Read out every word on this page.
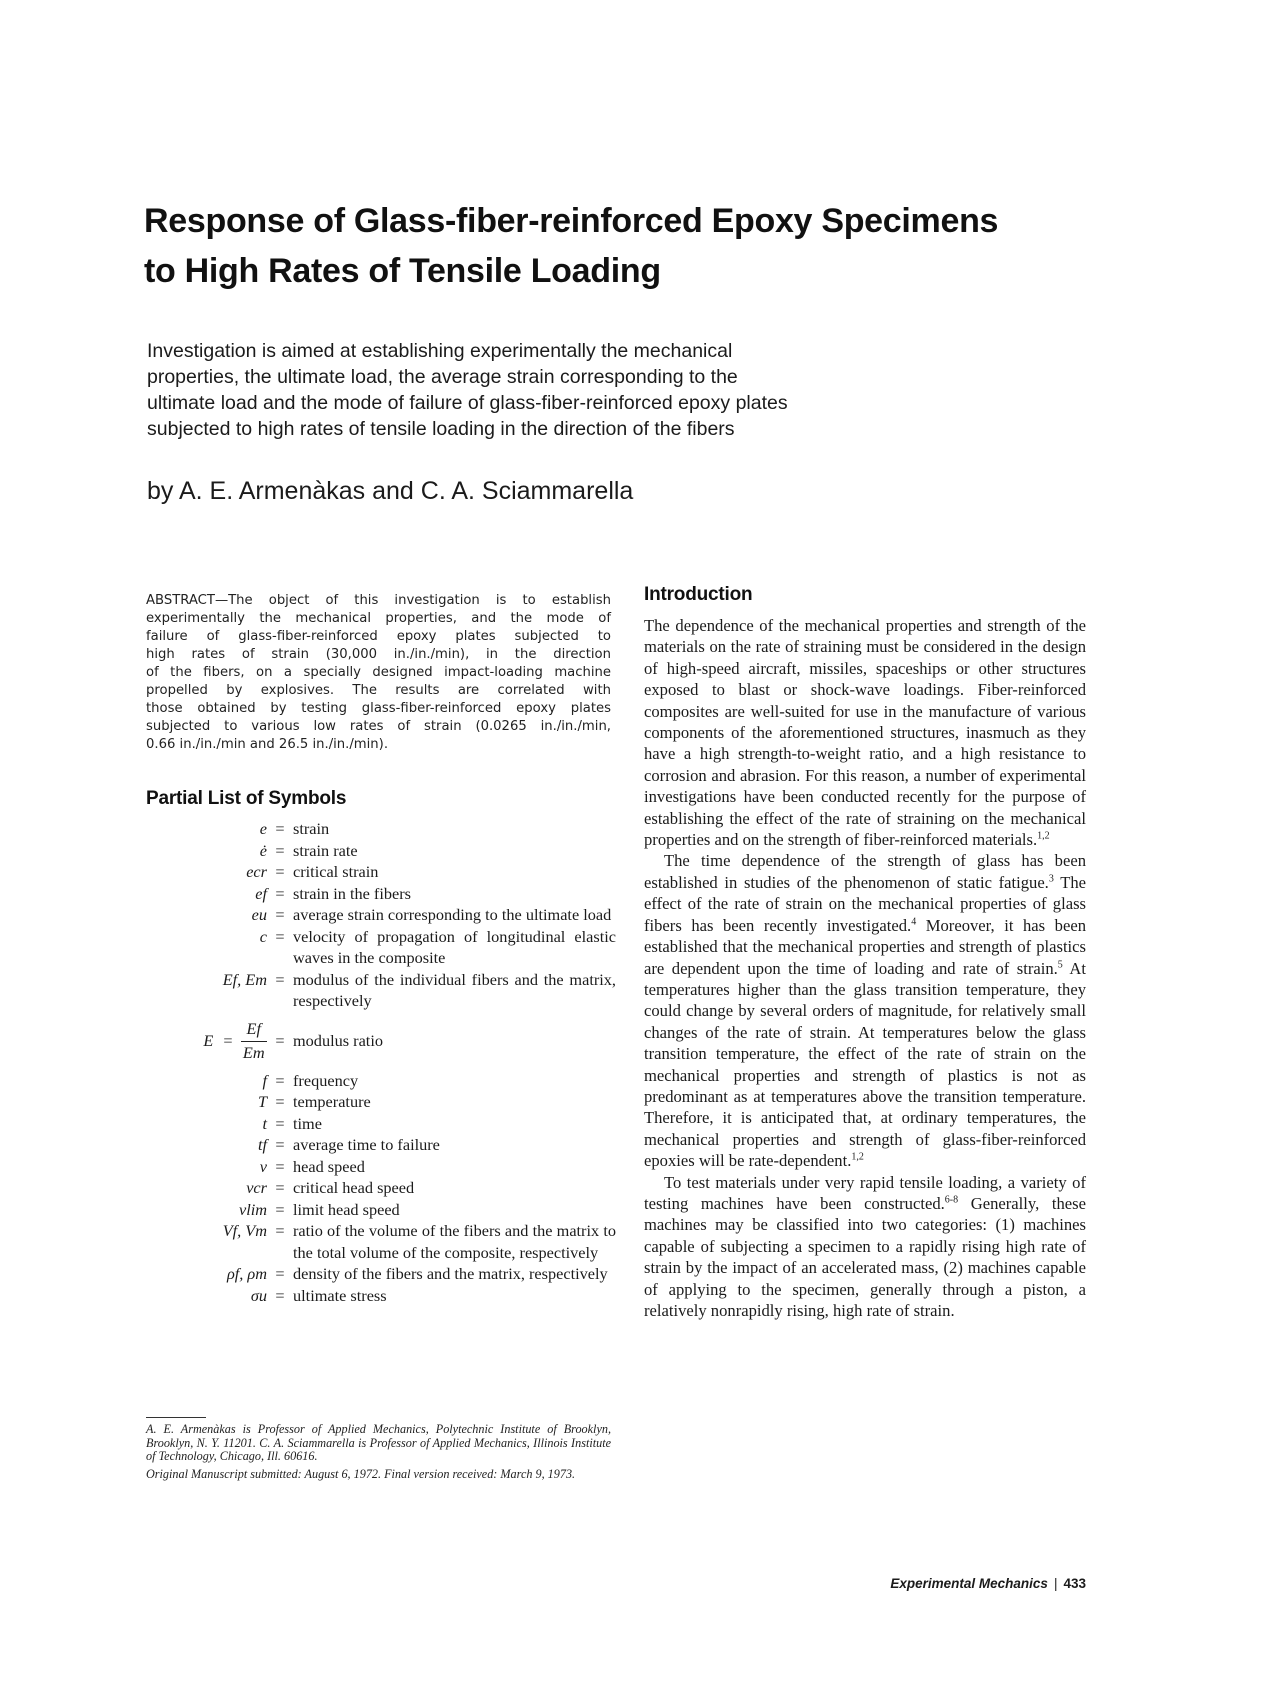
Response of Glass-fiber-reinforced Epoxy Specimens
to High Rates of Tensile Loading
Investigation is aimed at establishing experimentally the mechanical
properties, the ultimate load, the average strain corresponding to the
ultimate load and the mode of failure of glass-fiber-reinforced epoxy plates
subjected to high rates of tensile loading in the direction of the fibers
by A. E. Armenàkas and C. A. Sciammarella
ABSTRACT—The object of this investigation is to establish
experimentally the mechanical properties, and the mode of
failure of glass-fiber-reinforced epoxy plates subjected to
high rates of strain (30,000 in./in./min), in the direction
of the fibers, on a specially designed impact-loading machine
propelled by explosives. The results are correlated with
those obtained by testing glass-fiber-reinforced epoxy plates
subjected to various low rates of strain (0.0265 in./in./min,
0.66 in./in./min and 26.5 in./in./min).
Partial List of Symbols
e = strain
ė = strain rate
ecr = critical strain
ef = strain in the fibers
eu = average strain corresponding to the ultimate load
c = velocity of propagation of longitudinal elastic waves in the composite
Ef, Em = modulus of the individual fibers and the matrix, respectively
$E = \frac{Ef}{Em}$ = modulus ratio
f = frequency
T = temperature
t = time
tf = average time to failure
v = head speed
vcr = critical head speed
vlim = limit head speed
Vf, Vm = ratio of the volume of the fibers and the matrix to the total volume of the composite, respectively
ρf, ρm = density of the fibers and the matrix, respectively
σu = ultimate stress
A. E. Armenàkas is Professor of Applied Mechanics, Polytechnic Institute of Brooklyn, Brooklyn, N. Y. 11201. C. A. Sciammarella is Professor of Applied Mechanics, Illinois Institute of Technology, Chicago, Ill. 60616.
Original Manuscript submitted: August 6, 1972. Final version received: March 9, 1973.
Introduction

The dependence of the mechanical properties and strength of the materials on the rate of straining must be considered in the design of high-speed aircraft, missiles, spaceships or other structures exposed to blast or shock-wave loadings. Fiber-reinforced composites are well-suited for use in the manufacture of various components of the aforementioned structures, inasmuch as they have a high strength-to-weight ratio, and a high resistance to corrosion and abrasion. For this reason, a number of experimental investigations have been conducted recently for the purpose of establishing the effect of the rate of straining on the mechanical properties and on the strength of fiber-reinforced materials.$^{1,2}$

The time dependence of the strength of glass has been established in studies of the phenomenon of static fatigue.$^3$ The effect of the rate of strain on the mechanical properties of glass fibers has been recently investigated.$^4$ Moreover, it has been established that the mechanical properties and strength of plastics are dependent upon the time of loading and rate of strain.$^5$ At temperatures higher than the glass transition temperature, they could change by several orders of magnitude, for relatively small changes of the rate of strain. At temperatures below the glass transition temperature, the effect of the rate of strain on the mechanical properties and strength of plastics is not as predominant as at temperatures above the transition temperature. Therefore, it is anticipated that, at ordinary temperatures, the mechanical properties and strength of glass-fiber-reinforced epoxies will be rate-dependent.$^{1,2}$

To test materials under very rapid tensile loading, a variety of testing machines have been constructed.$^{6-8}$ Generally, these machines may be classified into two categories: (1) machines capable of subjecting a specimen to a rapidly rising high rate of strain by the impact of an accelerated mass, (2) machines capable of applying to the specimen, generally through a piston, a relatively nonrapidly rising, high rate of strain.

Experimental Mechanics | 433
